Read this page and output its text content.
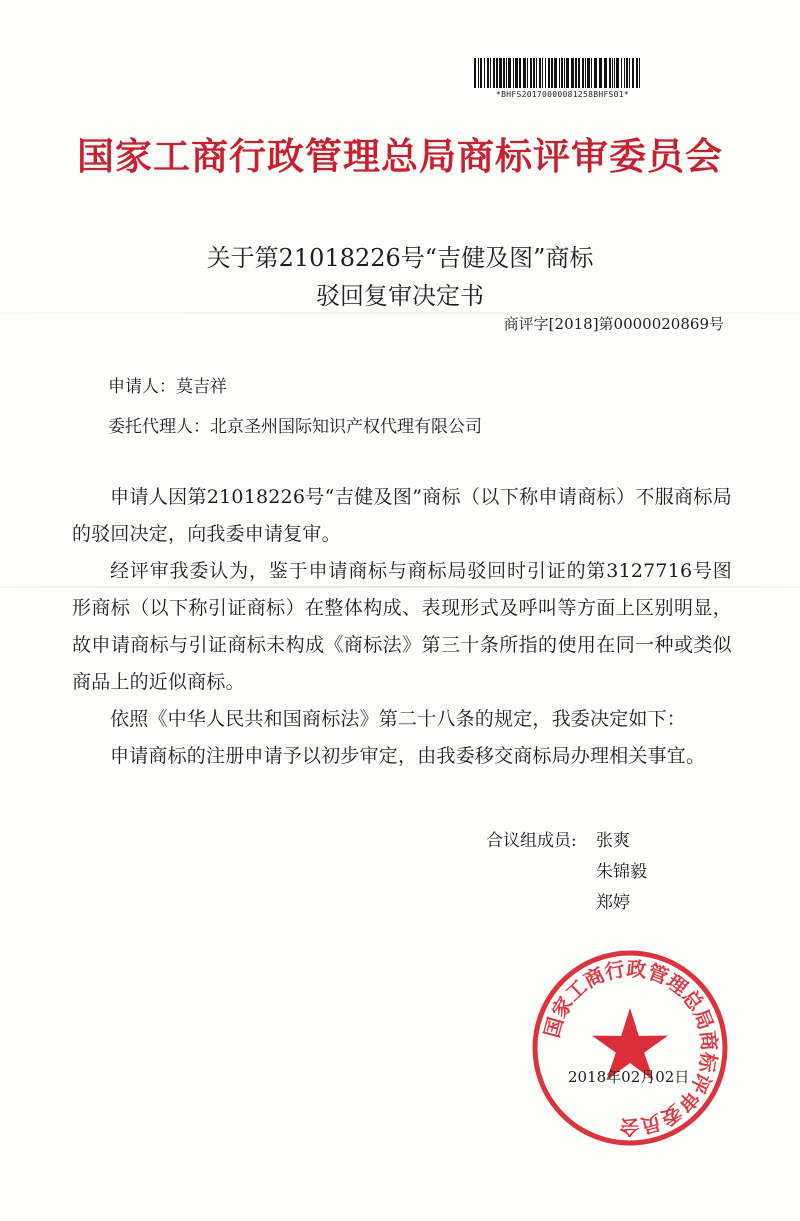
*BHFS20170000081258BHFS01*
国家工商行政管理总局商标评审委员会
关于第21018226号“吉健及图”商标
驳回复审决定书
商评字[2018]第0000020869号
申请人：莫吉祥
委托代理人：北京圣州国际知识产权代理有限公司
申请人因第21018226号“吉健及图”商标（以下称申请商标）不服商标局的驳回决定，向我委申请复审。
经评审我委认为，鉴于申请商标与商标局驳回时引证的第3127716号图形商标（以下称引证商标）在整体构成、表现形式及呼叫等方面上区别明显，故申请商标与引证商标未构成《商标法》第三十条所指的使用在同一种或类似商品上的近似商标。
依照《中华人民共和国商标法》第二十八条的规定，我委决定如下：
申请商标的注册申请予以初步审定，由我委移交商标局办理相关事宜。
合议组成员: 张爽
朱锦毅
郑婷
国家工商行政管理总局商标评审委员会
2018年02月02日
